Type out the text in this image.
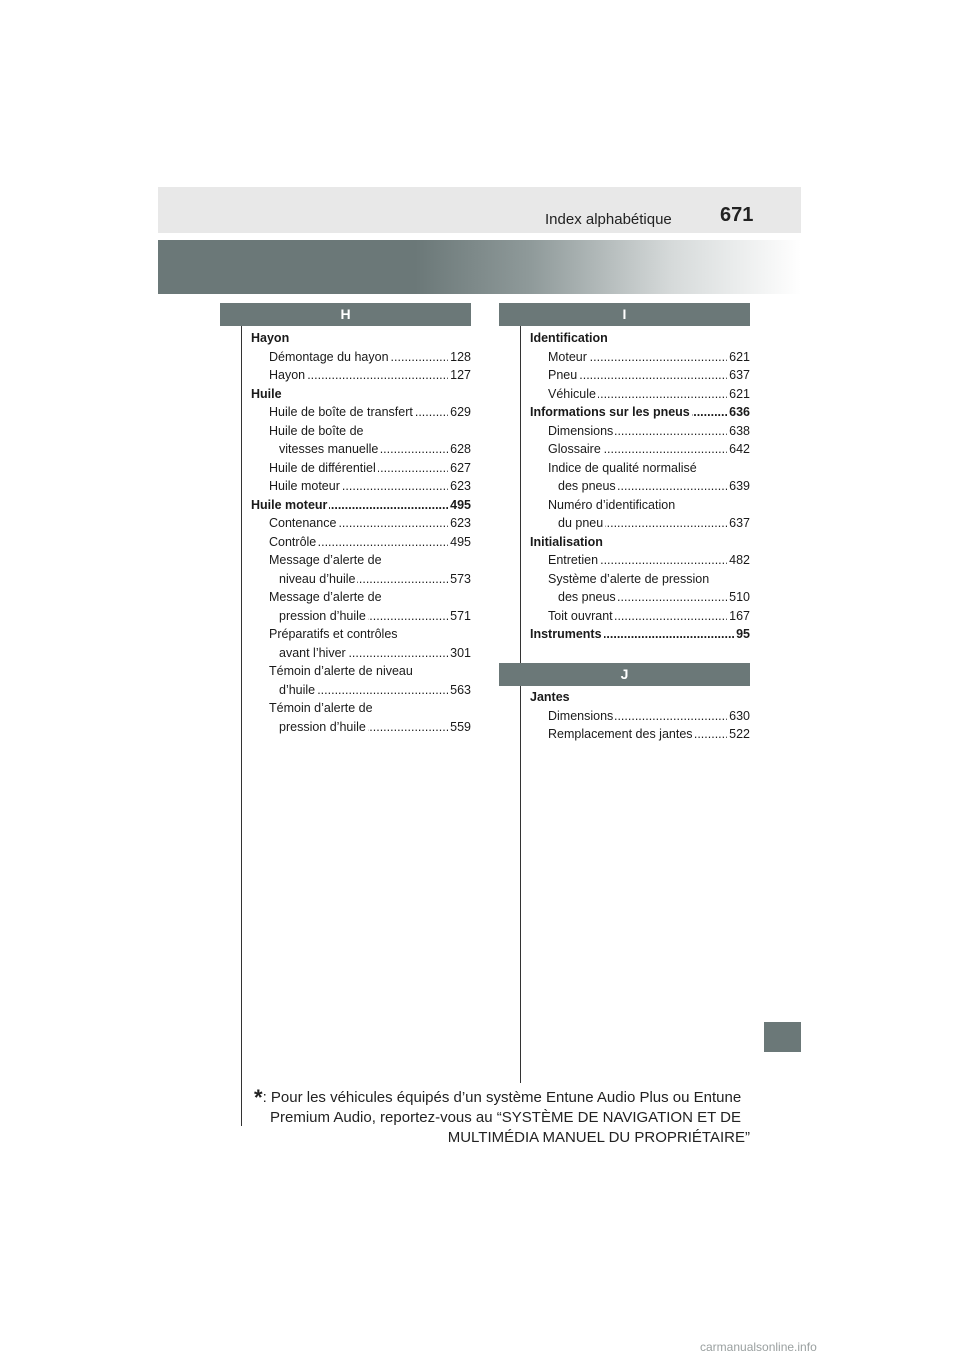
Index alphabétique 671
H	I
J
Hayon
..... Démontage du hayon	128
..... Hayon	127
Huile
..... Huile de boîte de transfert	629
Huile de boîte de
..... vitesses manuelle	628
..... Huile de différentiel	627
..... Huile moteur	623
..... Huile moteur	495
..... Contenance	623
..... Contrôle	495
Message d’alerte de
..... niveau d’huile	573
Message d’alerte de
..... pression d’huile	571
Préparatifs et contrôles
..... avant l’hiver	301
Témoin d’alerte de niveau
..... d’huile	563
Témoin d’alerte de
..... pression d’huile	559
Identification
..... Moteur	621
..... Pneu	637
..... Véhicule	621
..... Informations sur les pneus	636
..... Dimensions	638
..... Glossaire	642
Indice de qualité normalisé
..... des pneus	639
Numéro d’identification
..... du pneu	637
Initialisation
..... Entretien	482
Système d’alerte de pression
..... des pneus	510
..... Toit ouvrant	167
..... Instruments	95
Jantes
..... Dimensions	630
..... Remplacement des jantes	522
*: Pour les véhicules équipés d’un système Entune Audio Plus ou Entune
Premium Audio, reportez-vous au “SYSTÈME DE NAVIGATION ET DE
MULTIMÉDIA MANUEL DU PROPRIÉTAIRE”
carmanualsonline.info
